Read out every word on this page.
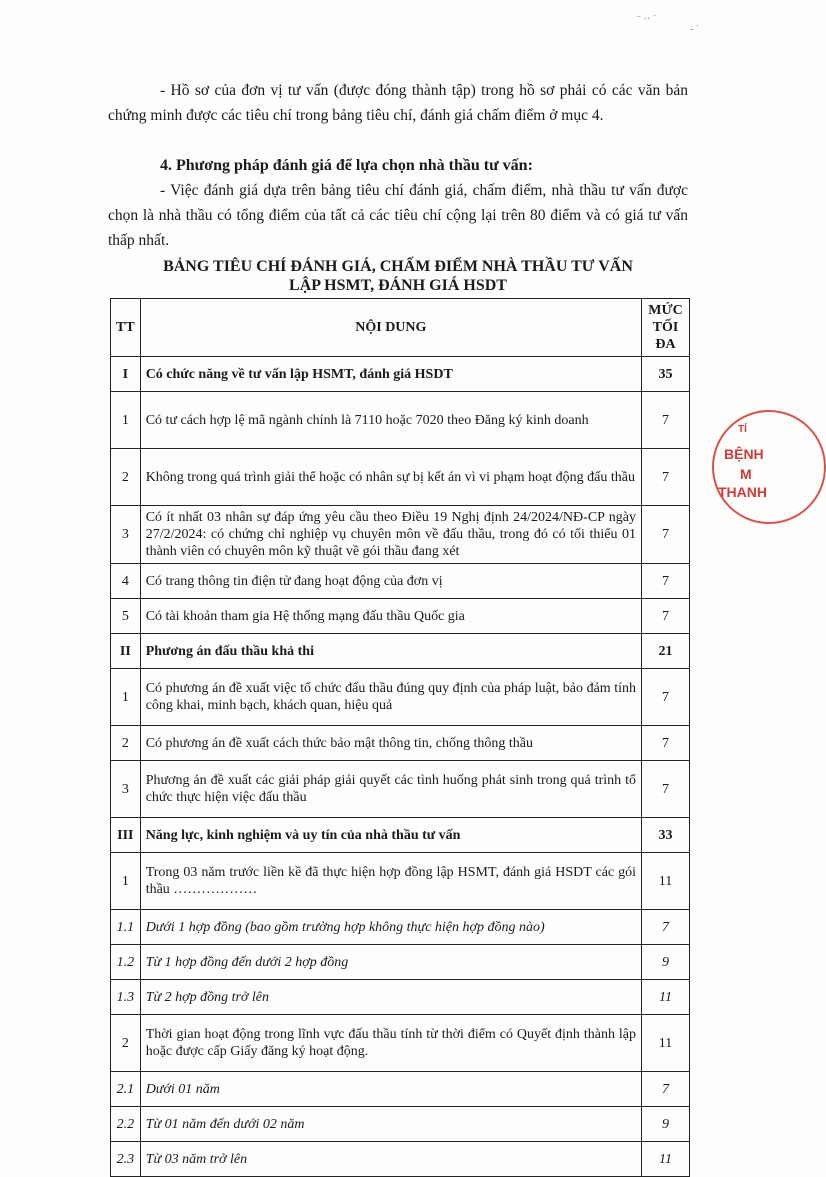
- Hồ sơ của đơn vị tư vấn (được đóng thành tập) trong hồ sơ phải có các văn bản chứng minh được các tiêu chí trong bảng tiêu chí, đánh giá chấm điểm ở mục 4.
4. Phương pháp đánh giá để lựa chọn nhà thầu tư vấn:
- Việc đánh giá dựa trên bảng tiêu chí đánh giá, chấm điểm, nhà thầu tư vấn được chọn là nhà thầu có tổng điểm của tất cả các tiêu chí cộng lại trên 80 điểm và có giá tư vấn thấp nhất.
BẢNG TIÊU CHÍ ĐÁNH GIÁ, CHẤM ĐIỂM NHÀ THẦU TƯ VẤN
LẬP HSMT, ĐÁNH GIÁ HSDT
TT	NỘI DUNG	MỨC TỐI ĐA
I	Có chức năng về tư vấn lập HSMT, đánh giá HSDT	35
1	Có tư cách hợp lệ mã ngành chính là 7110 hoặc 7020 theo Đăng ký kinh doanh	7
2	Không trong quá trình giải thể hoặc có nhân sự bị kết án vì vi phạm hoạt động đấu thầu	7
3	Có ít nhất 03 nhân sự đáp ứng yêu cầu theo Điều 19 Nghị định 24/2024/NĐ-CP ngày 27/2/2024: có chứng chỉ nghiệp vụ chuyên môn về đấu thầu, trong đó có tối thiểu 01 thành viên có chuyên môn kỹ thuật về gói thầu đang xét	7
4	Có trang thông tin điện tử đang hoạt động của đơn vị	7
5	Có tài khoản tham gia Hệ thống mạng đấu thầu Quốc gia	7
II	Phương án đấu thầu khả thi	21
1	Có phương án đề xuất việc tổ chức đấu thầu đúng quy định của pháp luật, bảo đảm tính công khai, minh bạch, khách quan, hiệu quả	7
2	Có phương án đề xuất cách thức bảo mật thông tin, chống thông thầu	7
3	Phương án đề xuất các giải pháp giải quyết các tình huống phát sinh trong quá trình tổ chức thực hiện việc đấu thầu	7
III	Năng lực, kinh nghiệm và uy tín của nhà thầu tư vấn	33
1	Trong 03 năm trước liền kề đã thực hiện hợp đồng lập HSMT, đánh giá HSDT các gói thầu ………………	11
1.1	Dưới 1 hợp đồng (bao gồm trường hợp không thực hiện hợp đồng nào)	7
1.2	Từ 1 hợp đồng đến dưới 2 hợp đồng	9
1.3	Từ 2 hợp đồng trở lên	11
2	Thời gian hoạt động trong lĩnh vực đấu thầu tính từ thời điểm có Quyết định thành lập hoặc được cấp Giấy đăng ký hoạt động.	11
2.1	Dưới 01 năm	7
2.2	Từ 01 năm đến dưới 02 năm	9
2.3	Từ 03 năm trở lên	11
TỈ
BỆNH
M
THANH
⁻ ·· ˙
- ˙
